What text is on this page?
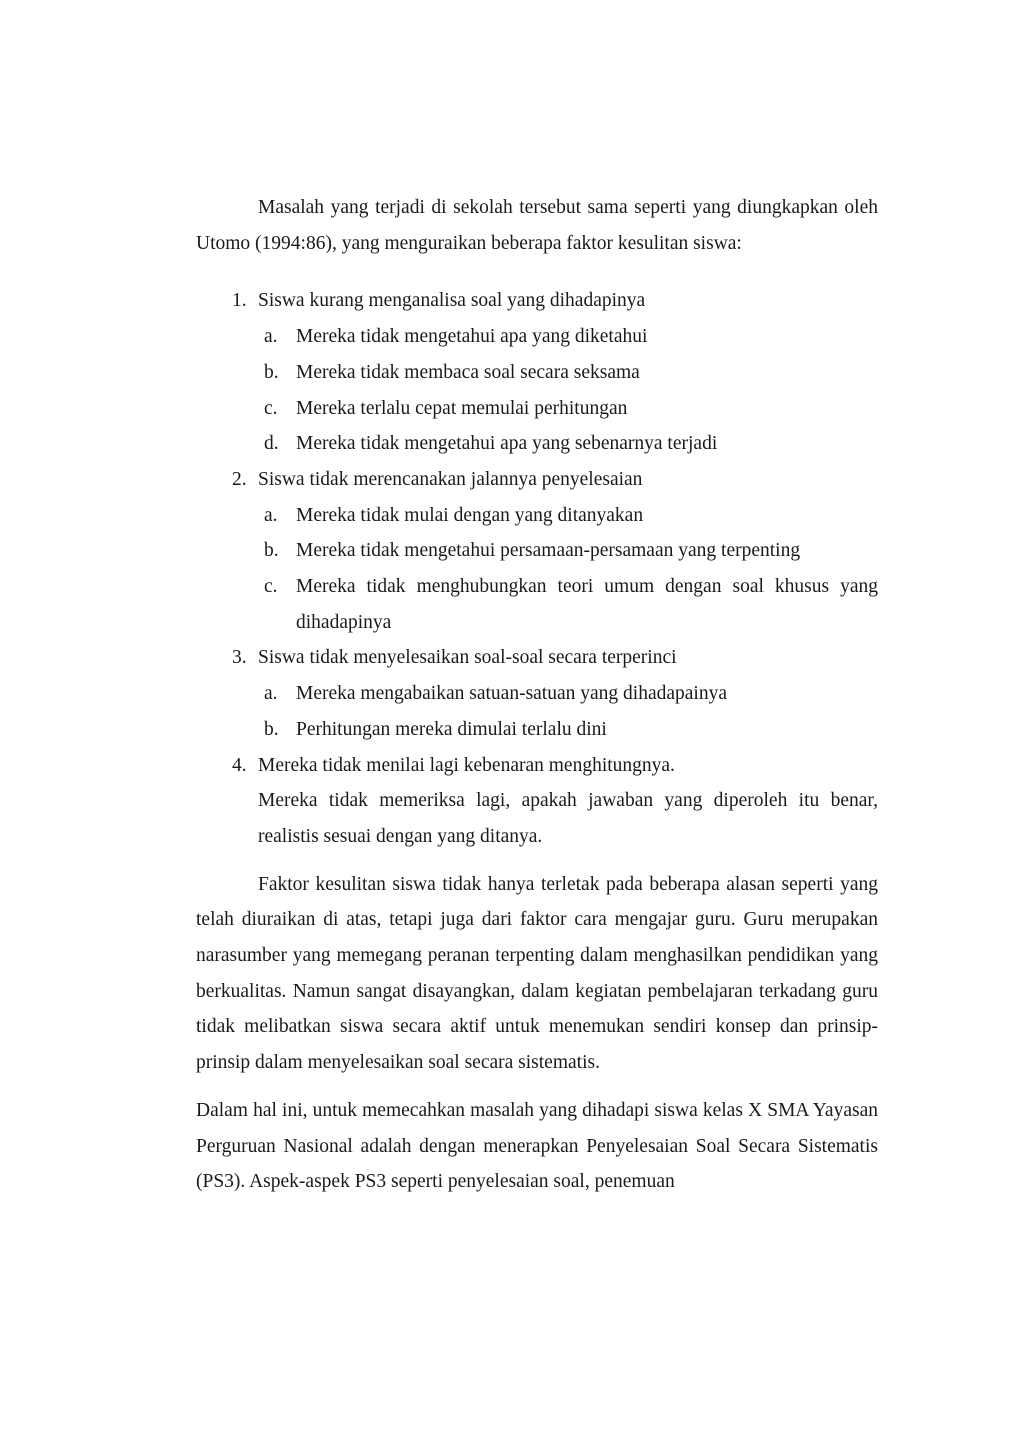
Masalah yang terjadi di sekolah tersebut sama seperti yang diungkapkan oleh Utomo (1994:86), yang menguraikan beberapa faktor kesulitan siswa:

1. Siswa kurang menganalisa soal yang dihadapinya
a. Mereka tidak mengetahui apa yang diketahui
b. Mereka tidak membaca soal secara seksama
c. Mereka terlalu cepat memulai perhitungan
d. Mereka tidak mengetahui apa yang sebenarnya terjadi
2. Siswa tidak merencanakan jalannya penyelesaian
a. Mereka tidak mulai dengan yang ditanyakan
b. Mereka tidak mengetahui persamaan-persamaan yang terpenting
c. Mereka tidak menghubungkan teori umum dengan soal khusus yang dihadapinya
3. Siswa tidak menyelesaikan soal-soal secara terperinci
a. Mereka mengabaikan satuan-satuan yang dihadapainya
b. Perhitungan mereka dimulai terlalu dini
4. Mereka tidak menilai lagi kebenaran menghitungnya.
Mereka tidak memeriksa lagi, apakah jawaban yang diperoleh itu benar, realistis sesuai dengan yang ditanya.

Faktor kesulitan siswa tidak hanya terletak pada beberapa alasan seperti yang telah diuraikan di atas, tetapi juga dari faktor cara mengajar guru. Guru merupakan narasumber yang memegang peranan terpenting dalam menghasilkan pendidikan yang berkualitas. Namun sangat disayangkan, dalam kegiatan pembelajaran terkadang guru tidak melibatkan siswa secara aktif untuk menemukan sendiri konsep dan prinsip-prinsip dalam menyelesaikan soal secara sistematis.

Dalam hal ini, untuk memecahkan masalah yang dihadapi siswa kelas X SMA Yayasan Perguruan Nasional adalah dengan menerapkan Penyelesaian Soal Secara Sistematis (PS3). Aspek-aspek PS3 seperti penyelesaian soal, penemuan
